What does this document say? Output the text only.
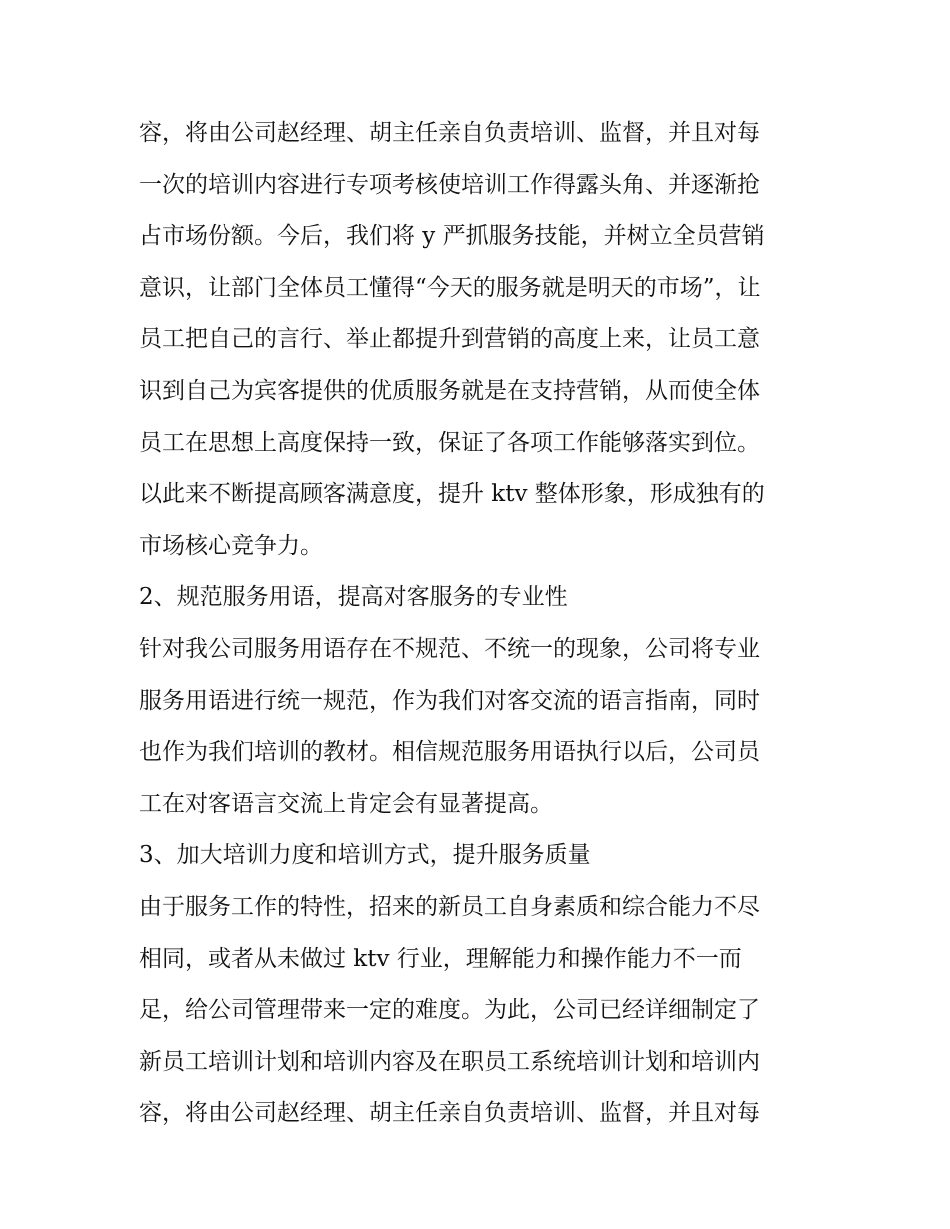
容，将由公司赵经理、胡主任亲自负责培训、监督，并且对每
一次的培训内容进行专项考核使培训工作得露头角、并逐渐抢
占市场份额。今后，我们将 y 严抓服务技能，并树立全员营销
意识，让部门全体员工懂得“今天的服务就是明天的市场”，让
员工把自己的言行、举止都提升到营销的高度上来，让员工意
识到自己为宾客提供的优质服务就是在支持营销，从而使全体
员工在思想上高度保持一致，保证了各项工作能够落实到位。
以此来不断提高顾客满意度，提升 ktv 整体形象，形成独有的
市场核心竞争力。
2、规范服务用语，提高对客服务的专业性
针对我公司服务用语存在不规范、不统一的现象，公司将专业
服务用语进行统一规范，作为我们对客交流的语言指南，同时
也作为我们培训的教材。相信规范服务用语执行以后，公司员
工在对客语言交流上肯定会有显著提高。
3、加大培训力度和培训方式，提升服务质量
由于服务工作的特性，招来的新员工自身素质和综合能力不尽
相同，或者从未做过 ktv 行业，理解能力和操作能力不一而
足，给公司管理带来一定的难度。为此，公司已经详细制定了
新员工培训计划和培训内容及在职员工系统培训计划和培训内
容，将由公司赵经理、胡主任亲自负责培训、监督，并且对每
